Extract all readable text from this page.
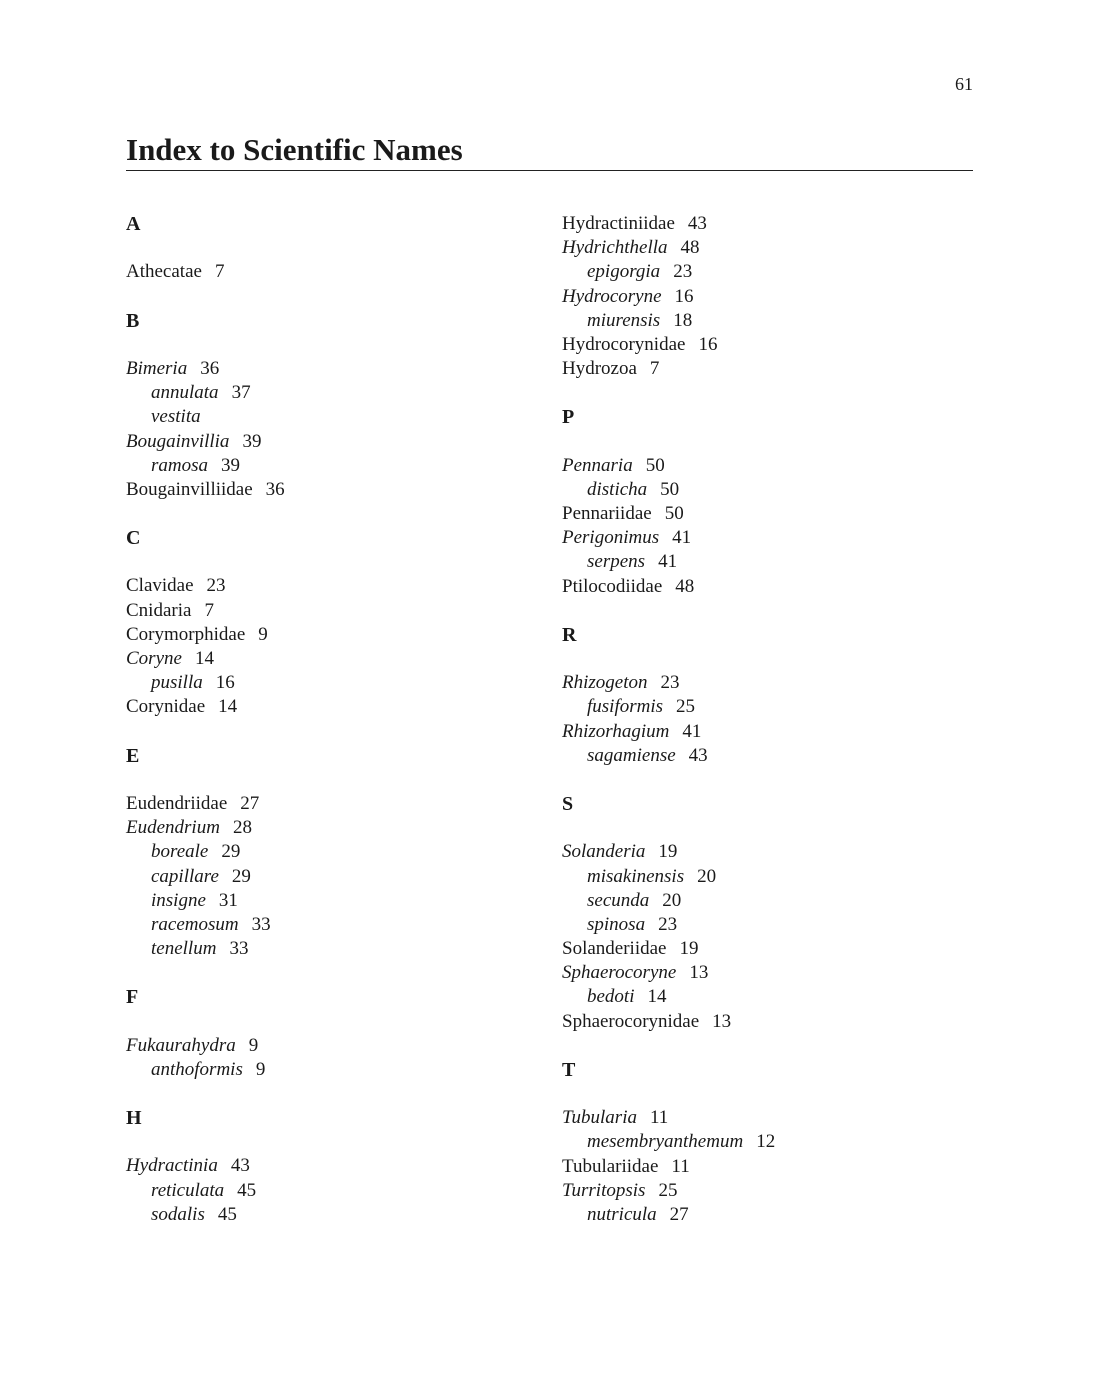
61
Index to Scientific Names
A
Athecatae 7
B
Bimeria 36
annulata 37
vestita
Bougainvillia 39
ramosa 39
Bougainvilliidae 36
C
Clavidae 23
Cnidaria 7
Corymorphidae 9
Coryne 14
pusilla 16
Corynidae 14
E
Eudendriidae 27
Eudendrium 28
boreale 29
capillare 29
insigne 31
racemosum 33
tenellum 33
F
Fukaurahydra 9
anthoformis 9
H
Hydractinia 43
reticulata 45
sodalis 45
Hydractiniidae 43
Hydrichthella 48
epigorgia 23
Hydrocoryne 16
miurensis 18
Hydrocorynidae 16
Hydrozoa 7
P
Pennaria 50
disticha 50
Pennariidae 50
Perigonimus 41
serpens 41
Ptilocodiidae 48
R
Rhizogeton 23
fusiformis 25
Rhizorhagium 41
sagamiense 43
S
Solanderia 19
misakinensis 20
secunda 20
spinosa 23
Solanderiidae 19
Sphaerocoryne 13
bedoti 14
Sphaerocorynidae 13
T
Tubularia 11
mesembryanthemum 12
Tubulariidae 11
Turritopsis 25
nutricula 27
